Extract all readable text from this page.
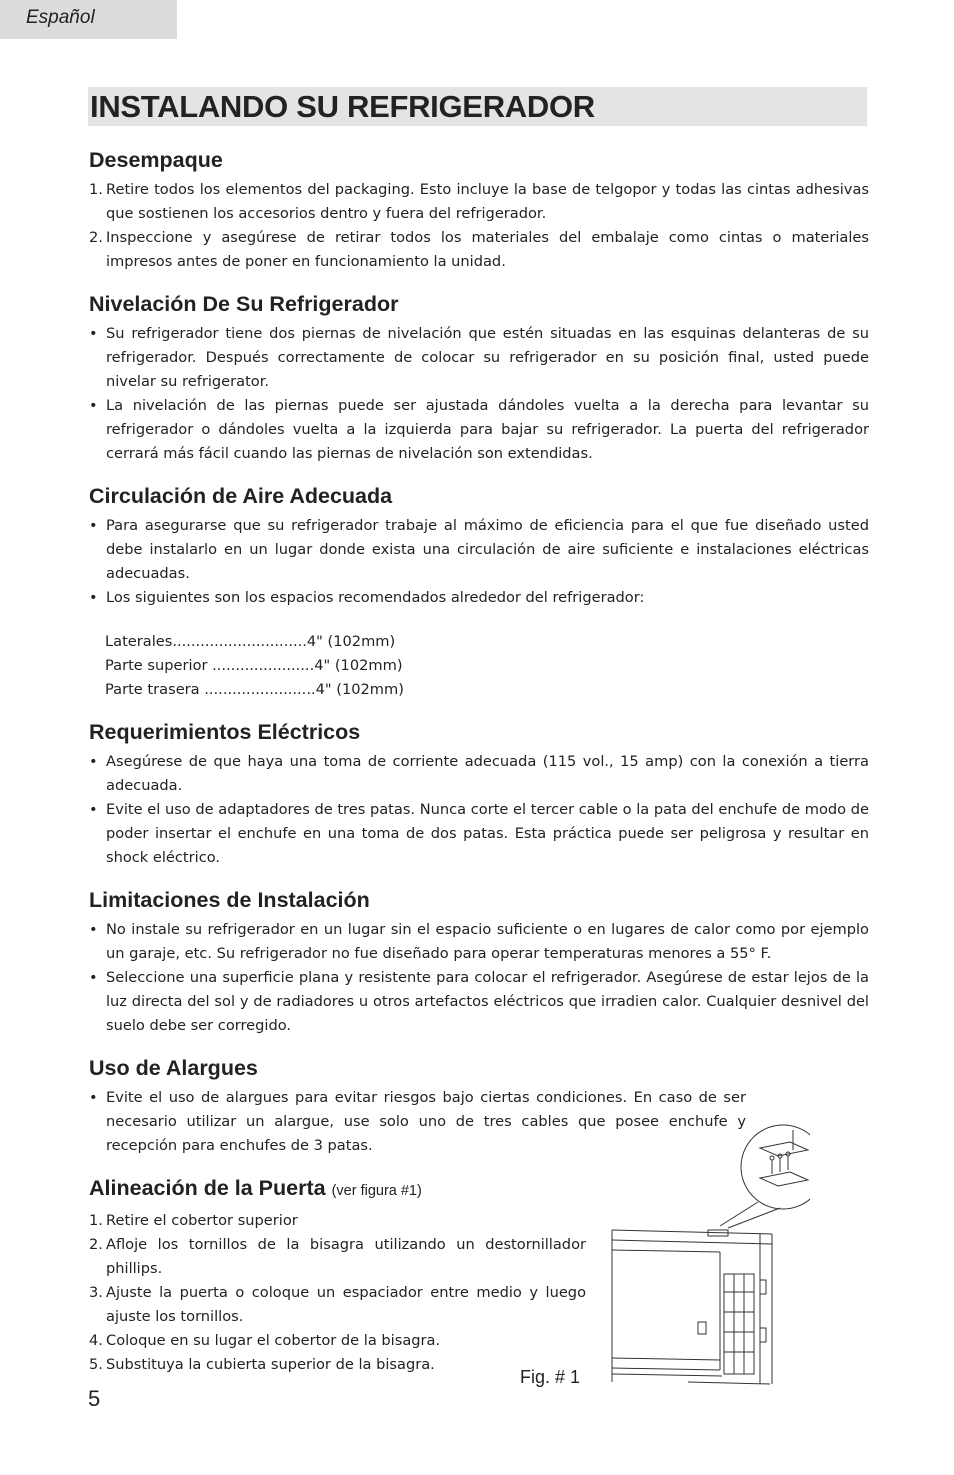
Español
INSTALANDO SU REFRIGERADOR
Desempaque
1. Retire todos los elementos del packaging. Esto incluye la base de telgopor y todas las cintas adhesivas que sostienen los accesorios dentro y fuera del refrigerador.
2. Inspeccione y asegúrese de retirar todos los materiales del embalaje como cintas o materiales impresos antes de poner en funcionamiento la unidad.
Nivelación De Su Refrigerador
• Su refrigerador tiene dos piernas de nivelación que estén situadas en las esquinas delanteras de su refrigerador. Después correctamente de colocar su refrigerador en su posición final, usted puede nivelar su refrigerator.
• La nivelación de las piernas puede ser ajustada dándoles vuelta a la derecha para levantar su refrigerador o dándoles vuelta a la izquierda para bajar su refrigerador. La puerta del refrigerador cerrará más fácil cuando las piernas de nivelación son extendidas.
Circulación de Aire Adecuada
• Para asegurarse que su refrigerador trabaje al máximo de eficiencia para el que fue diseñado usted debe instalarlo en un lugar donde exista una circulación de aire suficiente e instalaciones eléctricas adecuadas.
• Los siguientes son los espacios recomendados alrededor del refrigerador:
Laterales.............................4" (102mm)
Parte superior ......................4" (102mm)
Parte trasera ........................4" (102mm)
Requerimientos Eléctricos
• Asegúrese de que haya una toma de corriente adecuada (115 vol., 15 amp) con la conexión a tierra adecuada.
• Evite el uso de adaptadores de tres patas. Nunca corte el tercer cable o la pata del enchufe de modo de poder insertar el enchufe en una toma de dos patas. Esta práctica puede ser peligrosa y resultar en shock eléctrico.
Limitaciones de Instalación
• No instale su refrigerador en un lugar sin el espacio suficiente o en lugares de calor como por ejemplo un garaje, etc. Su refrigerador no fue diseñado para operar temperaturas menores a 55° F.
• Seleccione una superficie plana y resistente para colocar el refrigerador. Asegúrese de estar lejos de la luz directa del sol y de radiadores u otros artefactos eléctricos que irradien calor. Cualquier desnivel del suelo debe ser corregido.
Uso de Alargues
• Evite el uso de alargues para evitar riesgos bajo ciertas condiciones. En caso de ser necesario utilizar un alargue, use solo uno de tres cables que posee enchufe y recepción para enchufes de 3 patas.
Alineación de la Puerta (ver figura #1)
1. Retire el cobertor superior
2. Afloje los tornillos de la bisagra utilizando un destornillador phillips.
3. Ajuste la puerta o coloque un espaciador entre medio y luego ajuste los tornillos.
4. Coloque en su lugar el cobertor de la bisagra.
5. Substituya la cubierta superior de la bisagra.
Fig. # 1
5
